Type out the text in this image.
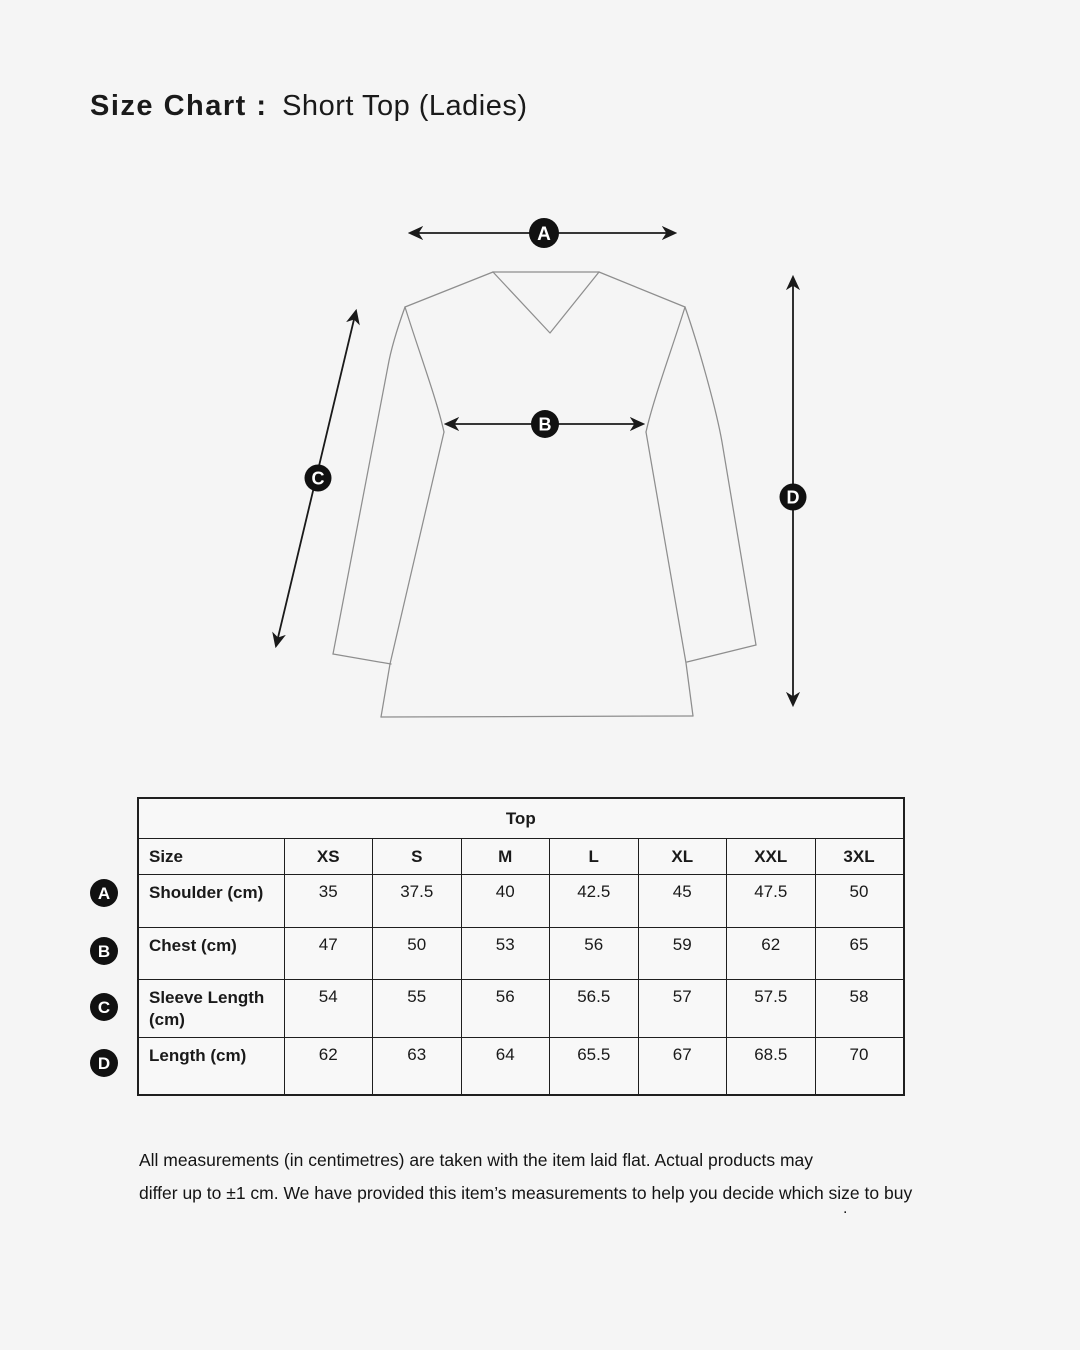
Size Chart : Short Top (Ladies)
A
B
C
D
Top							
Size	XS	S	M	L	XL	XXL	3XL
Shoulder (cm)	35	37.5	40	42.5	45	47.5	50
Chest (cm)	47	50	53	56	59	62	65
Sleeve Length (cm)	54	55	56	56.5	57	57.5	58
Length (cm)	62	63	64	65.5	67	68.5	70
A
B
C
D
All measurements (in centimetres) are taken with the item laid flat. Actual products may
differ up to ±1 cm. We have provided this item’s measurements to help you decide which size to buy
.
